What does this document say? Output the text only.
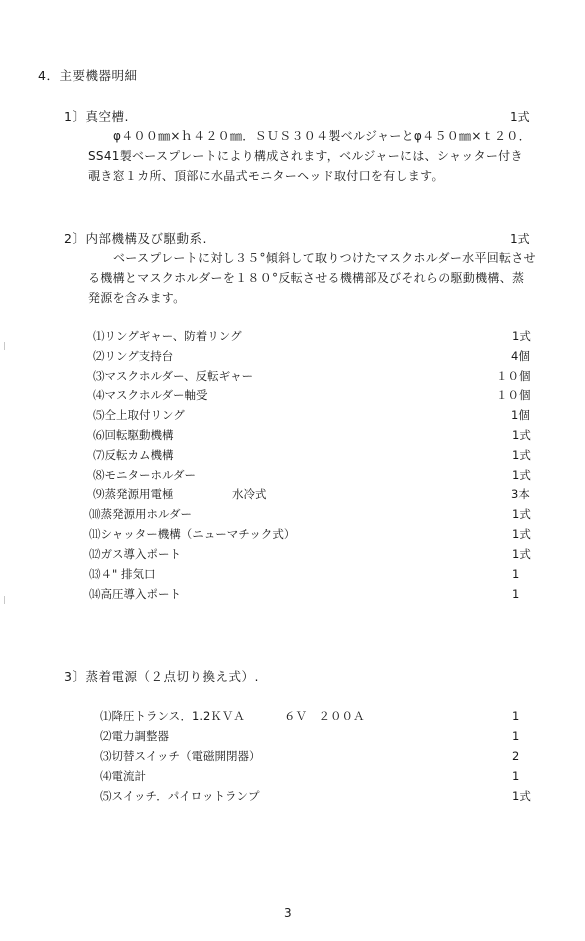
4．主要機器明細
1〕真空槽.	1式
φ４００㎜×ｈ４２０㎜．ＳＵＳ３０４製ベルジャーとφ４５０㎜×ｔ２０．
SS41製ベースプレートにより構成されます，ベルジャーには、シャッター付き
覗き窓１カ所、頂部に水晶式モニターヘッド取付口を有します。
2〕内部機構及び駆動系.	1式
ベースプレートに対し３５°傾斜して取りつけたマスクホルダー水平回転させ
る機構とマスクホルダーを１８０°反転させる機構部及びそれらの駆動機構、蒸
発源を含みます。
⑴リングギャー、防着リング	1式
⑵リング支持台	4個
⑶マスクホルダー、反転ギャー	１０個
⑷マスクホルダー軸受	１０個
⑸仝上取付リング	1個
⑹回転駆動機構	1式
⑺反転カム機構	1式
⑻モニターホルダー	1式
⑼蒸発源用電極	水冷式	3本
⑽蒸発源用ホルダー	1式
⑾シャッター機構（ニューマチック式）	1式
⑿ガス導入ポート	1式
⒀４" 排気口	1
⒁高圧導入ポート	1
3〕蒸着電源（２点切り換え式）.
⑴降圧トランス．1.2ＫＶＡ	６Ｖ　２００Ａ	1
⑵電力調整器	1
⑶切替スイッチ（電磁開閉器）	2
⑷電流計	1
⑸スイッチ．パイロットランプ	1式
3
